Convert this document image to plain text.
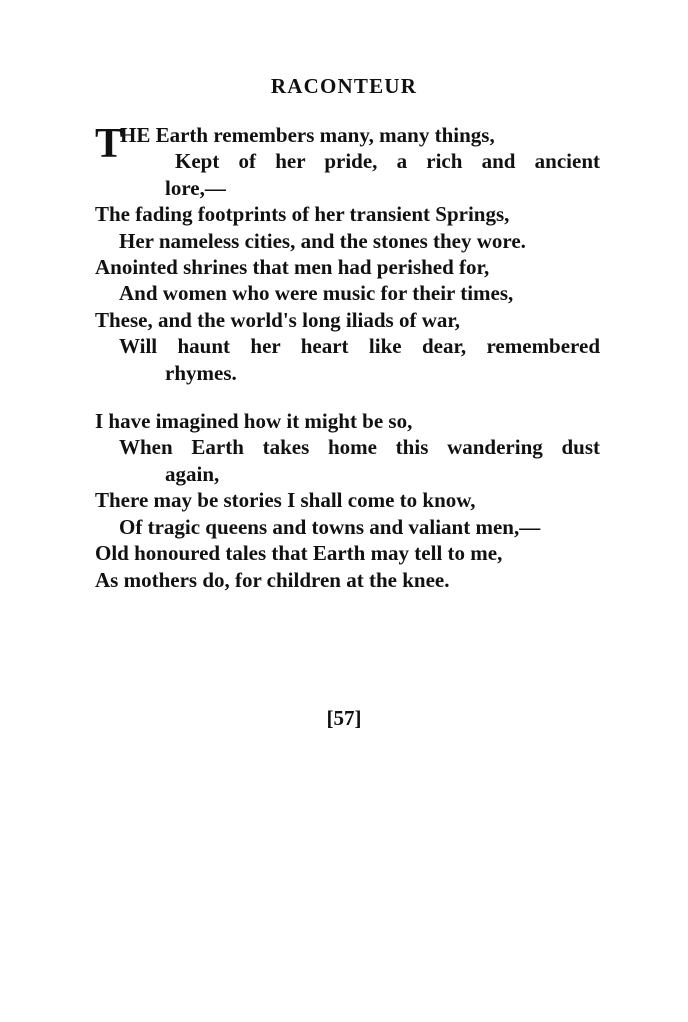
RACONTEUR
T
HE Earth remembers many, many things,
Kept of her pride, a rich and ancient
lore,—
The fading footprints of her transient Springs,
Her nameless cities, and the stones they wore.
Anointed shrines that men had perished for,
And women who were music for their times,
These, and the world's long iliads of war,
Will haunt her heart like dear, remembered
rhymes.
I have imagined how it might be so,
When Earth takes home this wandering dust
again,
There may be stories I shall come to know,
Of tragic queens and towns and valiant men,—
Old honoured tales that Earth may tell to me,
As mothers do, for children at the knee.
[57]
